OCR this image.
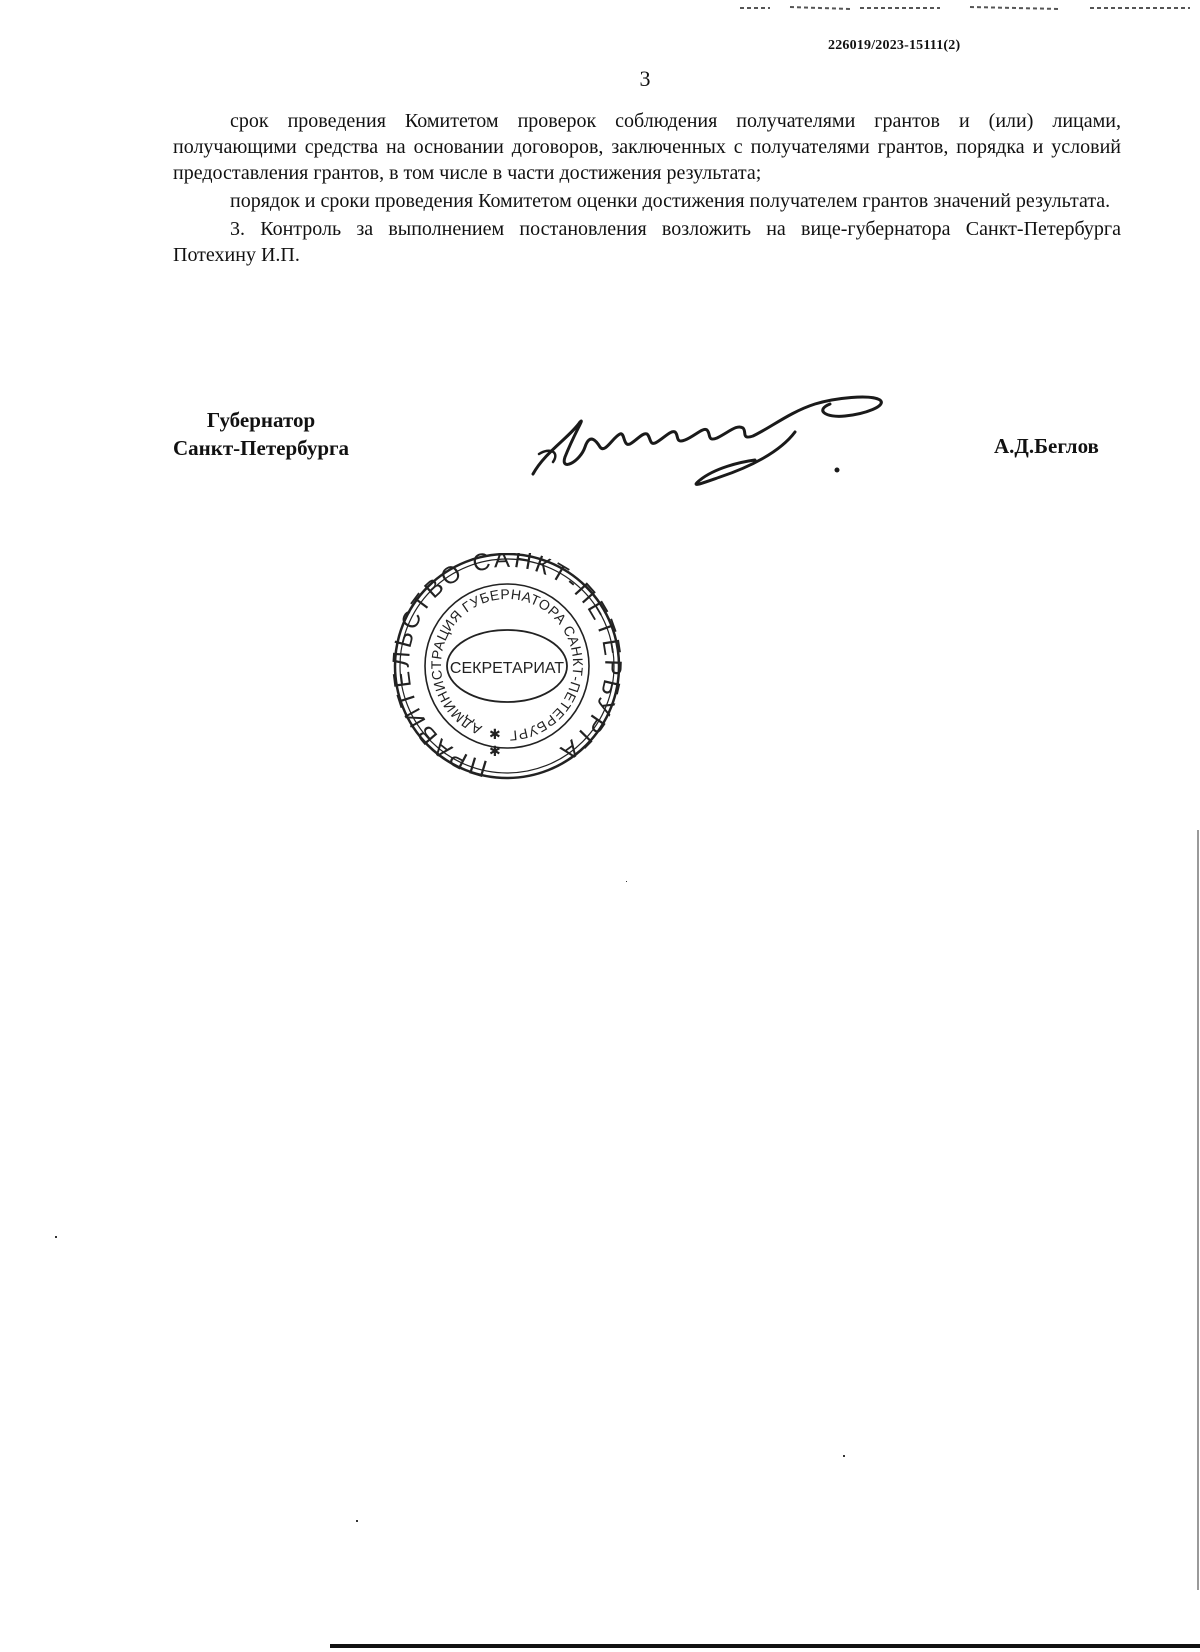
226019/2023-15111(2)
3

срок проведения Комитетом проверок соблюдения получателями грантов и (или) лицами, получающими средства на основании договоров, заключенных с получателями грантов, порядка и условий предоставления грантов, в том числе в части достижения результата;

порядок и сроки проведения Комитетом оценки достижения получателем грантов значений результата.

3. Контроль за выполнением постановления возложить на вице-губернатора Санкт-Петербурга Потехину И.П.

Губернатор
Санкт-Петербурга	А.Д.Беглов
ПРАВИТЕЛЬСТВО САНКТ-ПЕТЕРБУРГА
АДМИНИСТРАЦИЯ ГУБЕРНАТОРА САНКТ-ПЕТЕРБУРГ
СЕКРЕТАРИАТ
✱
✱
